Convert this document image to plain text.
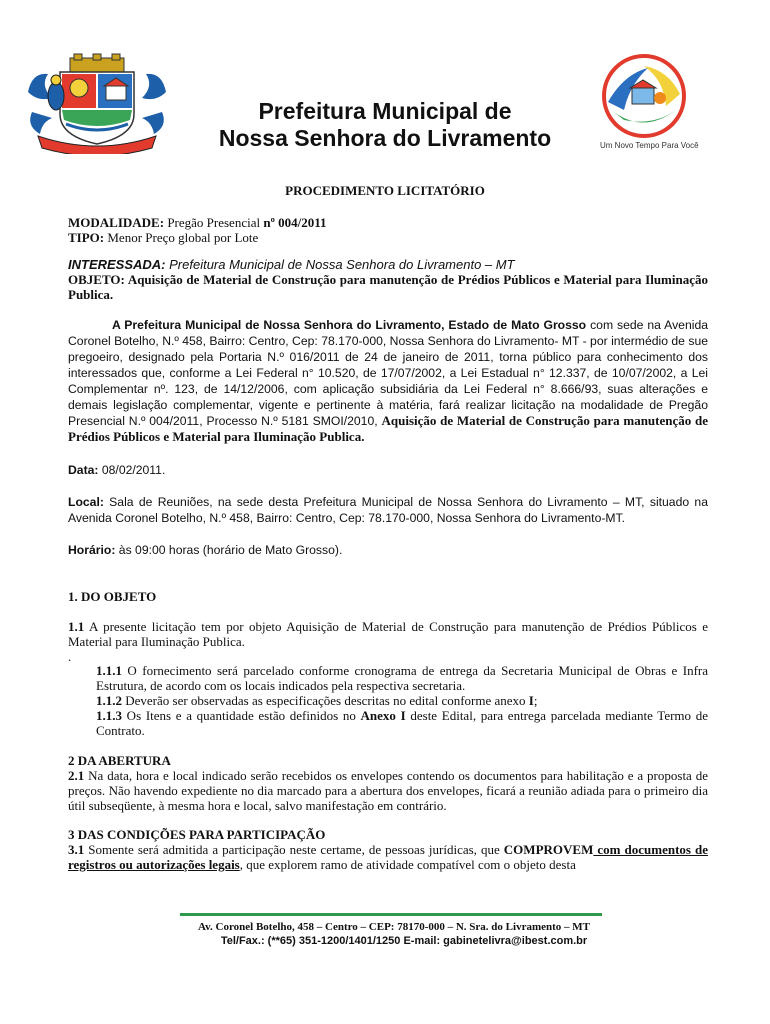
Um Novo Tempo Para Você
Prefeitura Municipal de
Nossa Senhora do Livramento
PROCEDIMENTO LICITATÓRIO
MODALIDADE: Pregão Presencial nº 004/2011
TIPO: Menor Preço global por Lote
INTERESSADA: Prefeitura Municipal de Nossa Senhora do Livramento – MT
OBJETO: Aquisição de Material de Construção para manutenção de Prédios Públicos e Material para Iluminação Publica.
A Prefeitura Municipal de Nossa Senhora do Livramento, Estado de Mato Grosso com sede na Avenida Coronel Botelho, N.º 458, Bairro: Centro, Cep: 78.170-000, Nossa Senhora do Livramento- MT - por intermédio de sue pregoeiro, designado pela Portaria N.º 016/2011 de 24 de janeiro de 2011, torna público para conhecimento dos interessados que, conforme a Lei Federal n° 10.520, de 17/07/2002, a Lei Estadual n° 12.337, de 10/07/2002, a Lei Complementar nº. 123, de 14/12/2006, com aplicação subsidiária da Lei Federal n° 8.666/93, suas alterações e demais legislação complementar, vigente e pertinente à matéria, fará realizar licitação na modalidade de Pregão Presencial N.º 004/2011, Processo N.º 5181 SMOI/2010, Aquisição de Material de Construção para manutenção de Prédios Públicos e Material para Iluminação Publica.
Data: 08/02/2011.
Local: Sala de Reuniões, na sede desta Prefeitura Municipal de Nossa Senhora do Livramento – MT, situado na Avenida Coronel Botelho, N.º 458, Bairro: Centro, Cep: 78.170-000, Nossa Senhora do Livramento-MT.
Horário: às 09:00 horas (horário de Mato Grosso).
1. DO OBJETO
1.1 A presente licitação tem por objeto Aquisição de Material de Construção para manutenção de Prédios Públicos e Material para Iluminação Publica.
.
1.1.1 O fornecimento será parcelado conforme cronograma de entrega da Secretaria Municipal de Obras e Infra Estrutura, de acordo com os locais indicados pela respectiva secretaria.
1.1.2 Deverão ser observadas as especificações descritas no edital conforme anexo I;
1.1.3 Os Itens e a quantidade estão definidos no Anexo I deste Edital, para entrega parcelada mediante Termo de Contrato.
2 DA ABERTURA
2.1 Na data, hora e local indicado serão recebidos os envelopes contendo os documentos para habilitação e a proposta de preços. Não havendo expediente no dia marcado para a abertura dos envelopes, ficará a reunião adiada para o primeiro dia útil subseqüente, à mesma hora e local, salvo manifestação em contrário.
3 DAS CONDIÇÕES PARA PARTICIPAÇÃO
3.1 Somente será admitida a participação neste certame, de pessoas jurídicas, que COMPROVEM com documentos de registros ou autorizações legais, que explorem ramo de atividade compatível com o objeto desta
Av. Coronel Botelho, 458 – Centro – CEP: 78170-000 – N. Sra. do Livramento – MT
Tel/Fax.: (**65) 351-1200/1401/1250 E-mail: gabinetelivra@ibest.com.br
